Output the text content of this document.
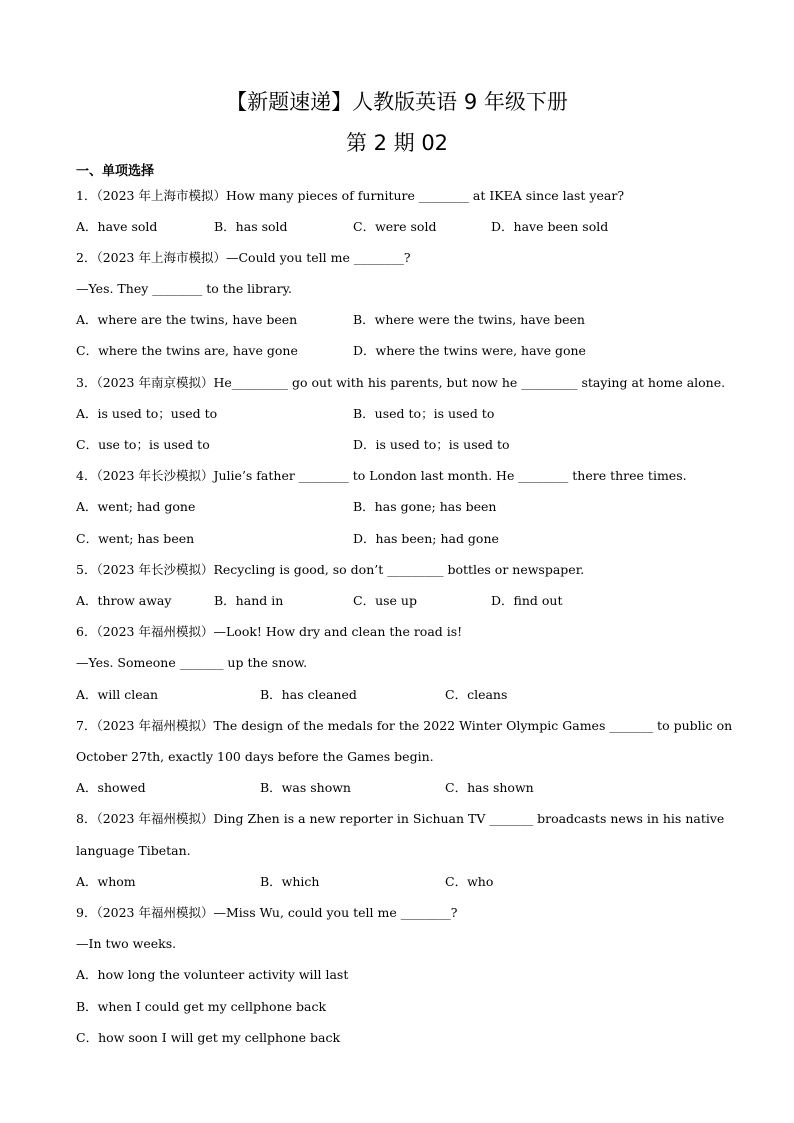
【新题速递】人教版英语 9 年级下册
第 2 期 02
一、单项选择
1．（2023 年上海市模拟）How many pieces of furniture ________ at IKEA since last year?
A．have sold	B．has sold	C．were sold	D．have been sold
2．（2023 年上海市模拟）—Could you tell me ________?
—Yes. They ________ to the library.
A．where are the twins, have been	B．where were the twins, have been
C．where the twins are, have gone	D．where the twins were, have gone
3．（2023 年南京模拟）He_________ go out with his parents, but now he _________ staying at home alone.
A．is used to；used to	B．used to；is used to
C．use to；is used to	D．is used to；is used to
4．（2023 年长沙模拟）Julie’s father ________ to London last month. He ________ there three times.
A．went; had gone	B．has gone; has been
C．went; has been	D．has been; had gone
5．（2023 年长沙模拟）Recycling is good, so don’t _________ bottles or newspaper.
A．throw away	B．hand in	C．use up	D．find out
6．（2023 年福州模拟）—Look! How dry and clean the road is!
—Yes. Someone _______ up the snow.
A．will clean	B．has cleaned	C．cleans
7．（2023 年福州模拟）The design of the medals for the 2022 Winter Olympic Games _______ to public on
October 27th, exactly 100 days before the Games begin.
A．showed	B．was shown	C．has shown
8．（2023 年福州模拟）Ding Zhen is a new reporter in Sichuan TV _______ broadcasts news in his native
language Tibetan.
A．whom	B．which	C．who
9．（2023 年福州模拟）—Miss Wu, could you tell me ________?
—In two weeks.
A．how long the volunteer activity will last
B．when I could get my cellphone back
C．how soon I will get my cellphone back
